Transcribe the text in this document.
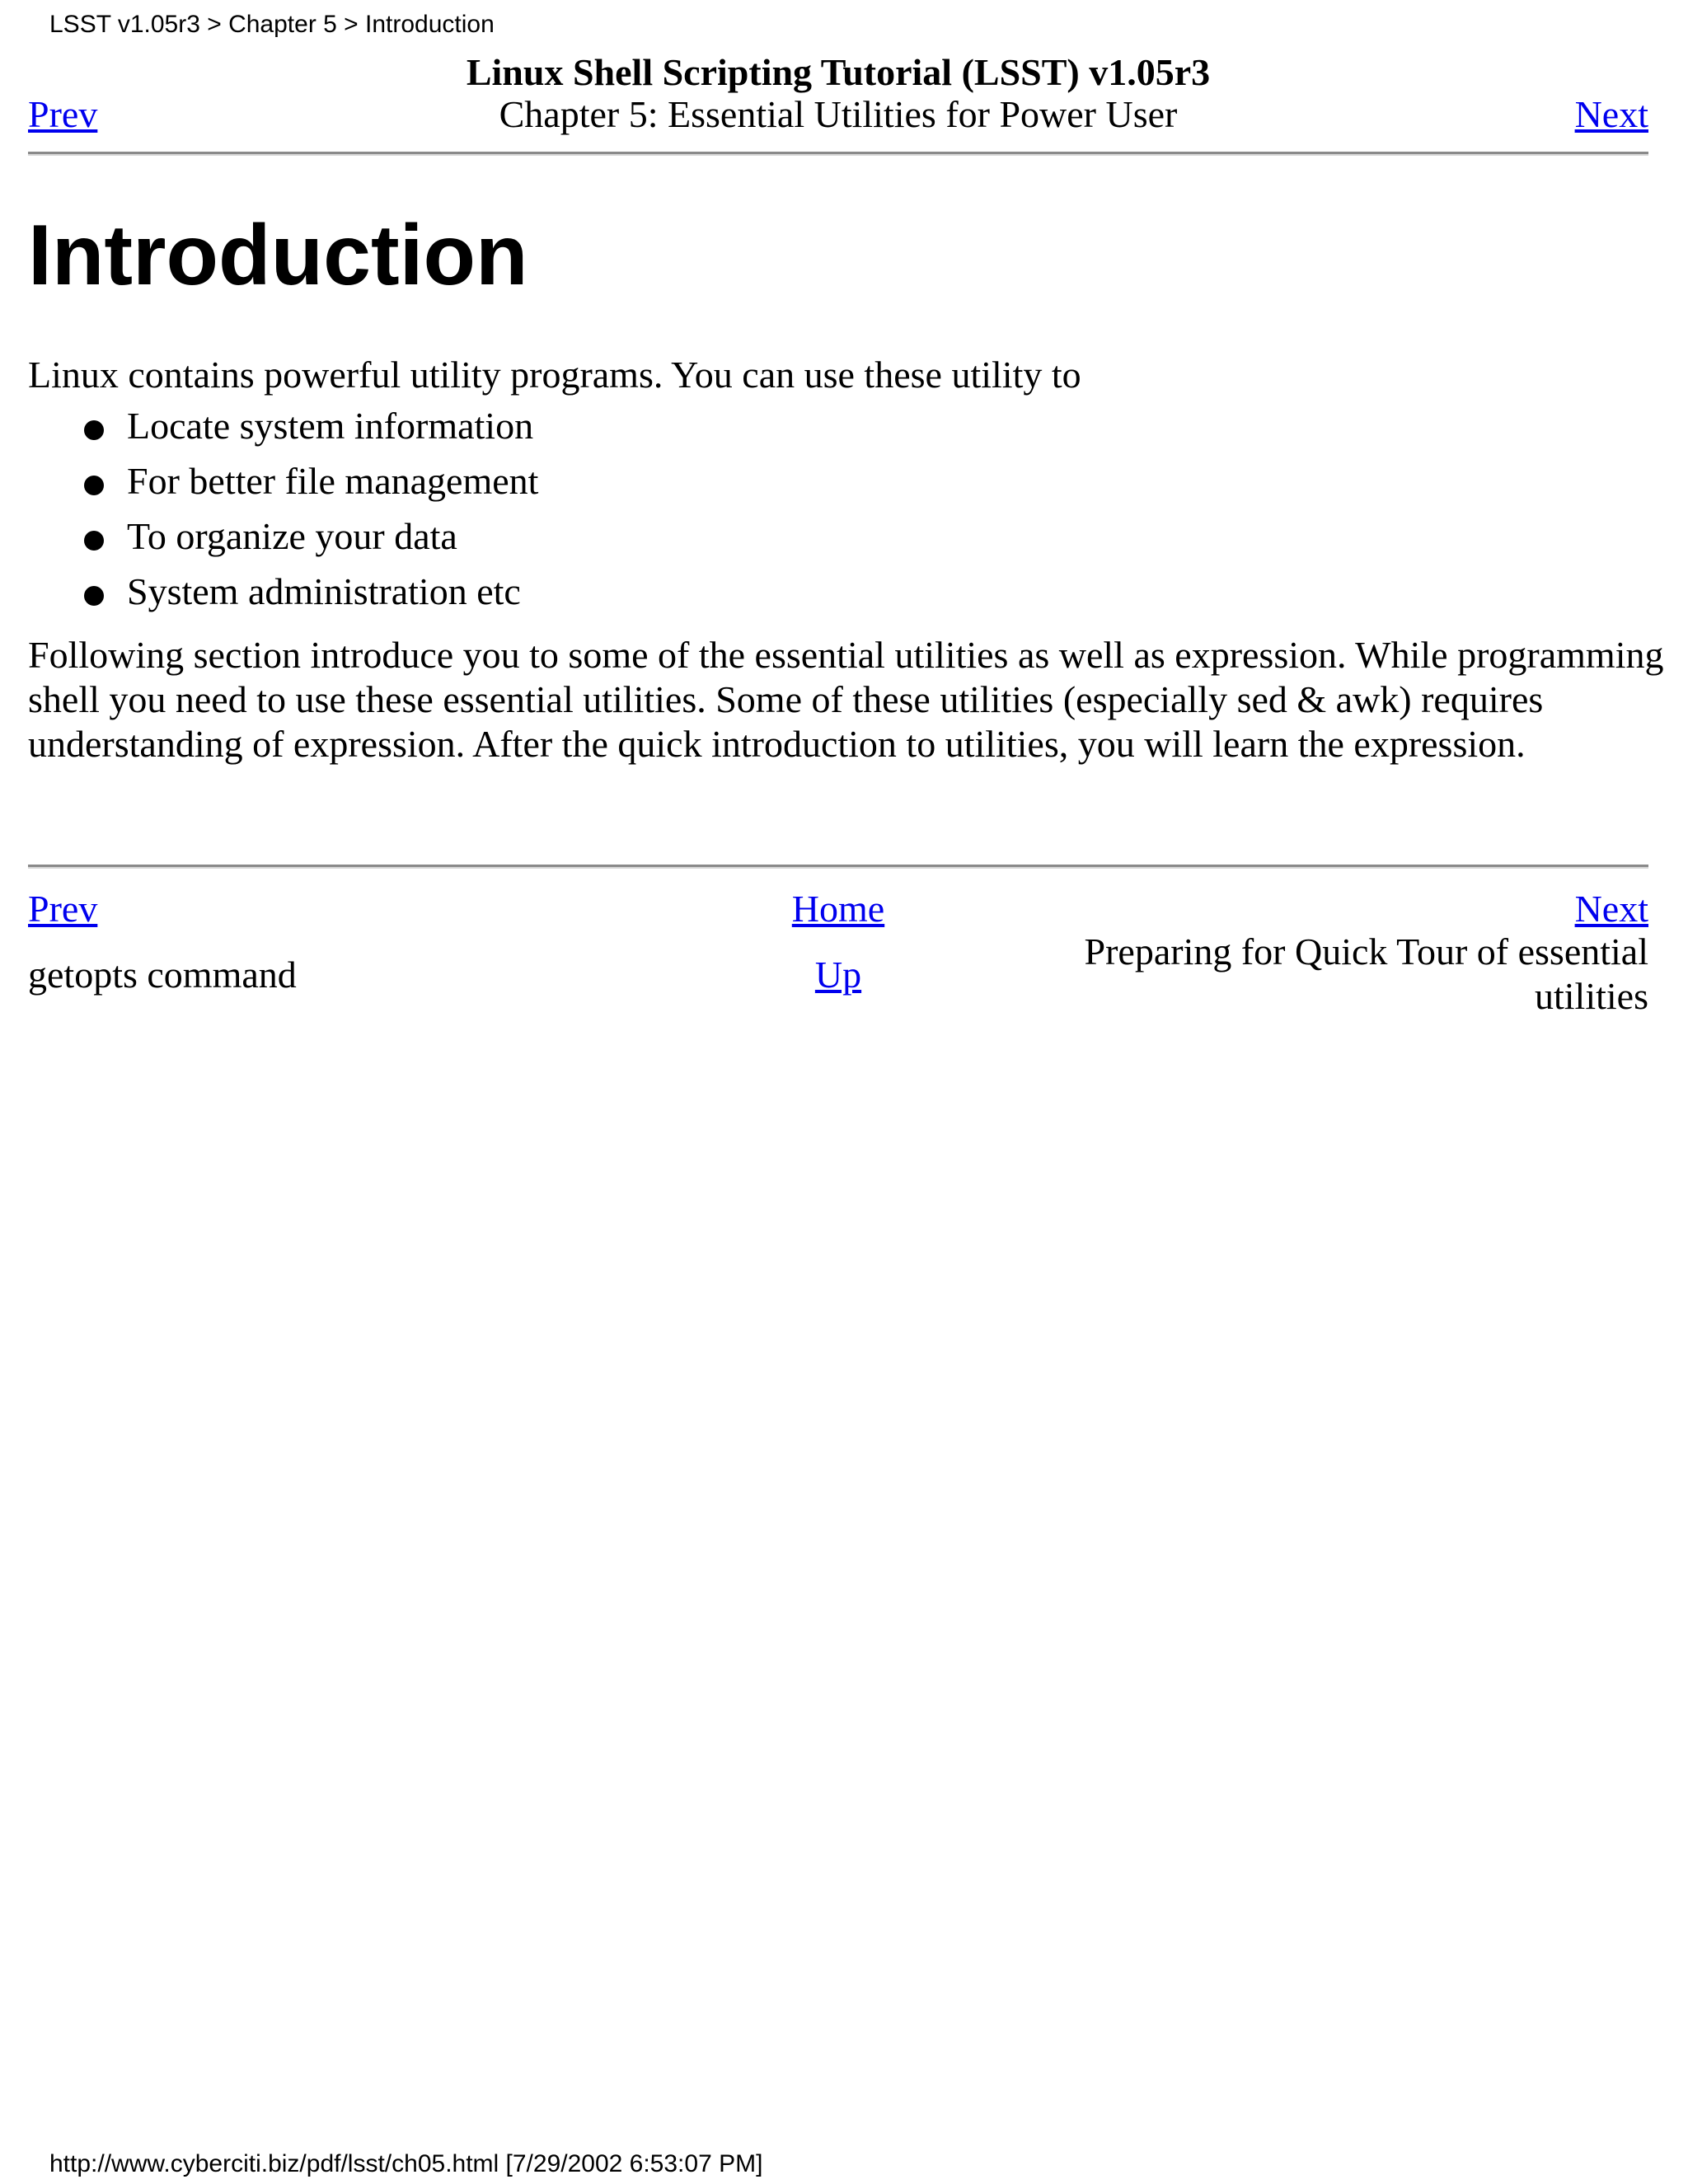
LSST v1.05r3 > Chapter 5 > Introduction
Linux Shell Scripting Tutorial (LSST) v1.05r3
Chapter 5: Essential Utilities for Power User
Prev	Next
Introduction

Linux contains powerful utility programs. You can use these utility to

Locate system information
For better file management
To organize your data
System administration etc

Following section introduce you to some of the essential utilities as well as expression. While programming shell you need to use these essential utilities. Some of these utilities (especially sed & awk) requires understanding of expression. After the quick introduction to utilities, you will learn the expression.

Prev	Home	Next
getopts command	Up
Preparing for Quick Tour of essential utilities
http://www.cyberciti.biz/pdf/lsst/ch05.html [7/29/2002 6:53:07 PM]
